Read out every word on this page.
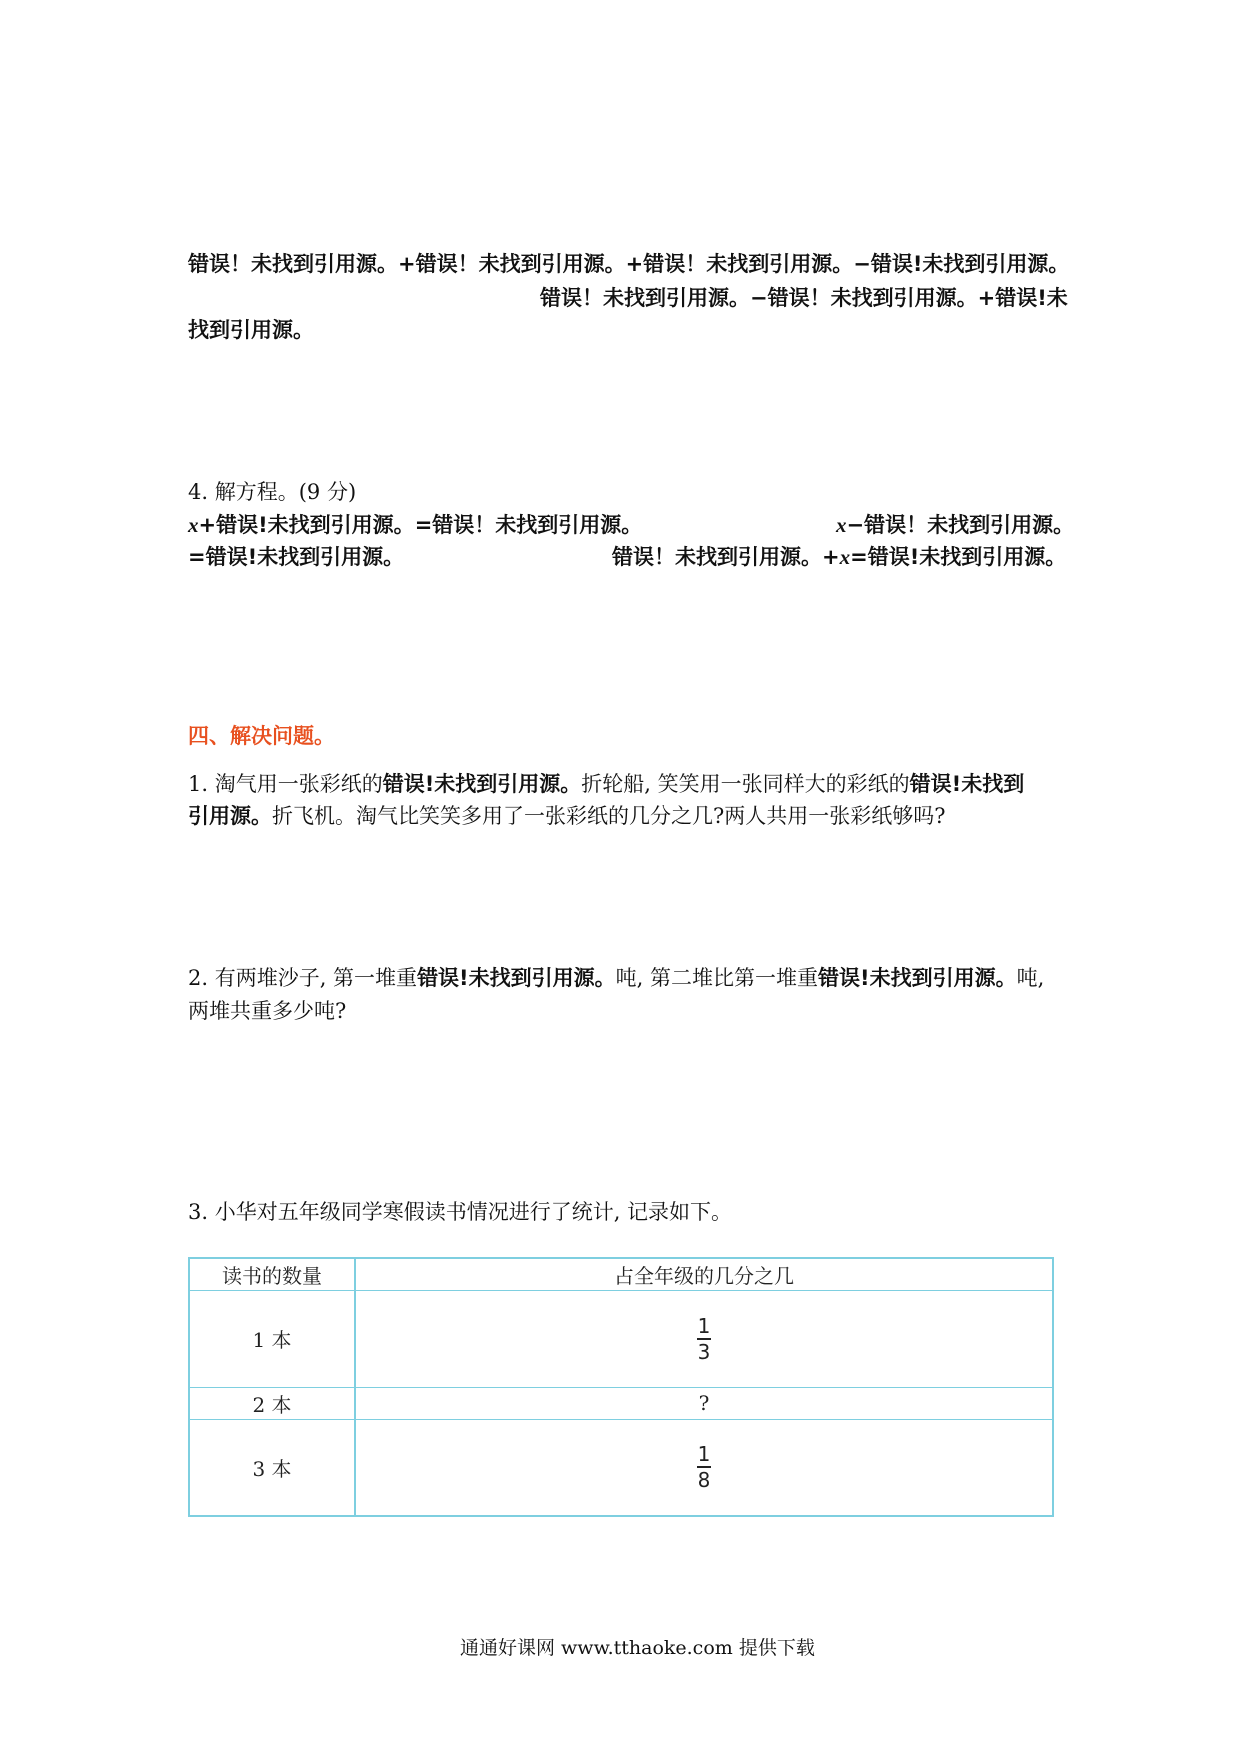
错误！未找到引用源。+错误！未找到引用源。+错误！未找到引用源。−错误!未找到引用源。
错误！未找到引用源。−错误！未找到引用源。+错误!未
找到引用源。
4. 解方程。(9 分)
x+错误!未找到引用源。=错误！未找到引用源。	x−错误！未找到引用源。
=错误!未找到引用源。	错误！未找到引用源。+x=错误!未找到引用源。
四、解决问题。
1. 淘气用一张彩纸的错误!未找到引用源。折轮船, 笑笑用一张同样大的彩纸的错误!未找到
引用源。折飞机。淘气比笑笑多用了一张彩纸的几分之几?两人共用一张彩纸够吗?
2. 有两堆沙子, 第一堆重错误!未找到引用源。吨, 第二堆比第一堆重错误!未找到引用源。吨,
两堆共重多少吨?
3. 小华对五年级同学寒假读书情况进行了统计, 记录如下。
读书的数量	占全年级的几分之几
1 本	$\frac{1}{3}$

2 本	?
3 本	$\frac{1}{8}$
通通好课网 www.tthaoke.com 提供下载
